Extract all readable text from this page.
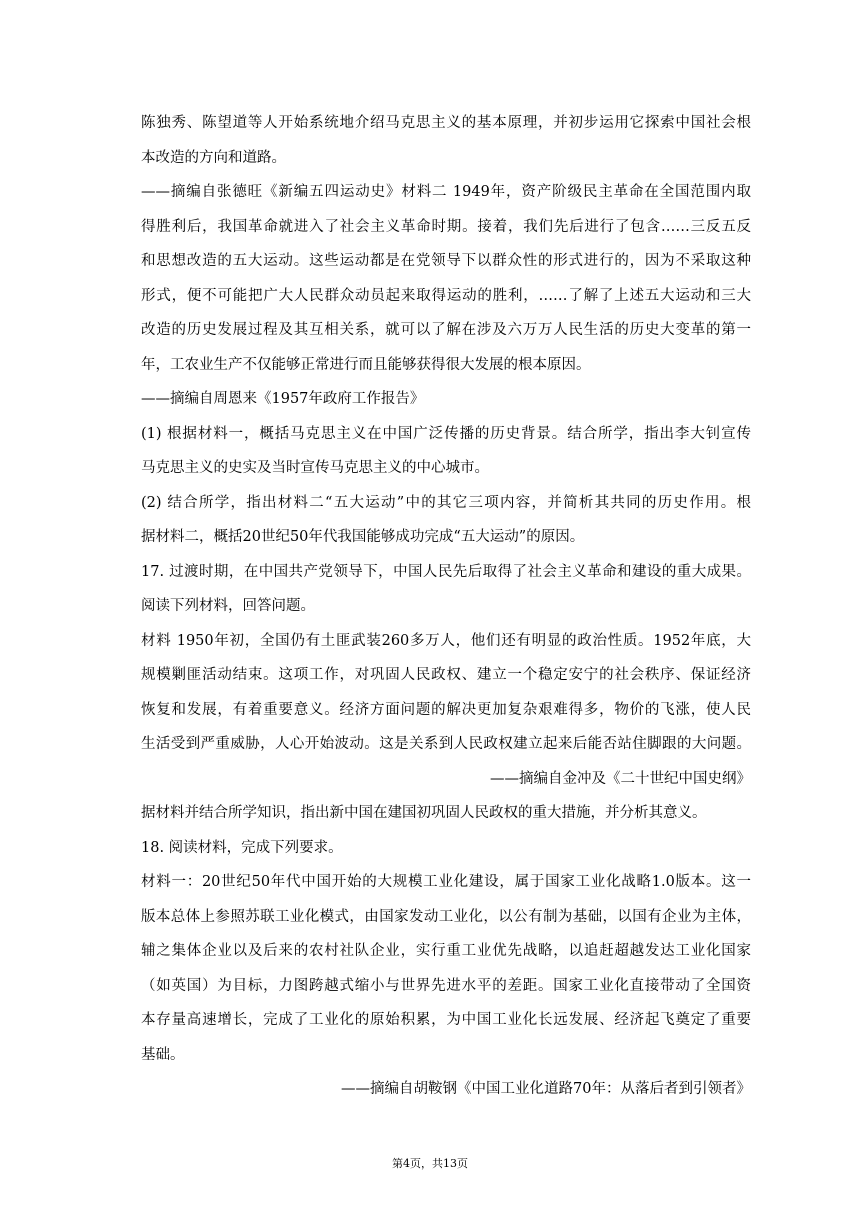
陈独秀、陈望道等人开始系统地介绍马克思主义的基本原理，并初步运用它探索中国社会根
本改造的方向和道路。
——摘编自张德旺《新编五四运动史》材料二 1949年，资产阶级民主革命在全国范围内取
得胜利后，我国革命就进入了社会主义革命时期。接着，我们先后进行了包含……三反五反
和思想改造的五大运动。这些运动都是在党领导下以群众性的形式进行的，因为不采取这种
形式，便不可能把广大人民群众动员起来取得运动的胜利，……了解了上述五大运动和三大
改造的历史发展过程及其互相关系，就可以了解在涉及六万万人民生活的历史大变革的第一
年，工农业生产不仅能够正常进行而且能够获得很大发展的根本原因。
——摘编自周恩来《1957年政府工作报告》
(1) 根据材料一，概括马克思主义在中国广泛传播的历史背景。结合所学，指出李大钊宣传
马克思主义的史实及当时宣传马克思主义的中心城市。
(2) 结合所学，指出材料二“五大运动”中的其它三项内容，并简析其共同的历史作用。根
据材料二，概括20世纪50年代我国能够成功完成“五大运动”的原因。
17. 过渡时期，在中国共产党领导下，中国人民先后取得了社会主义革命和建设的重大成果。
阅读下列材料，回答问题。
材料 1950年初，全国仍有土匪武装260多万人，他们还有明显的政治性质。1952年底，大
规模剿匪活动结束。这项工作，对巩固人民政权、建立一个稳定安宁的社会秩序、保证经济
恢复和发展，有着重要意义。经济方面问题的解决更加复杂艰难得多，物价的飞涨，使人民
生活受到严重威胁，人心开始波动。这是关系到人民政权建立起来后能否站住脚跟的大问题。
——摘编自金冲及《二十世纪中国史纲》
据材料并结合所学知识，指出新中国在建国初巩固人民政权的重大措施，并分析其意义。
18. 阅读材料，完成下列要求。
材料一：20世纪50年代中国开始的大规模工业化建设，属于国家工业化战略1.0版本。这一
版本总体上参照苏联工业化模式，由国家发动工业化，以公有制为基础，以国有企业为主体，
辅之集体企业以及后来的农村社队企业，实行重工业优先战略，以追赶超越发达工业化国家
（如英国）为目标，力图跨越式缩小与世界先进水平的差距。国家工业化直接带动了全国资
本存量高速增长，完成了工业化的原始积累，为中国工业化长远发展、经济起飞奠定了重要
基础。
——摘编自胡鞍钢《中国工业化道路70年：从落后者到引领者》
第4页，共13页
